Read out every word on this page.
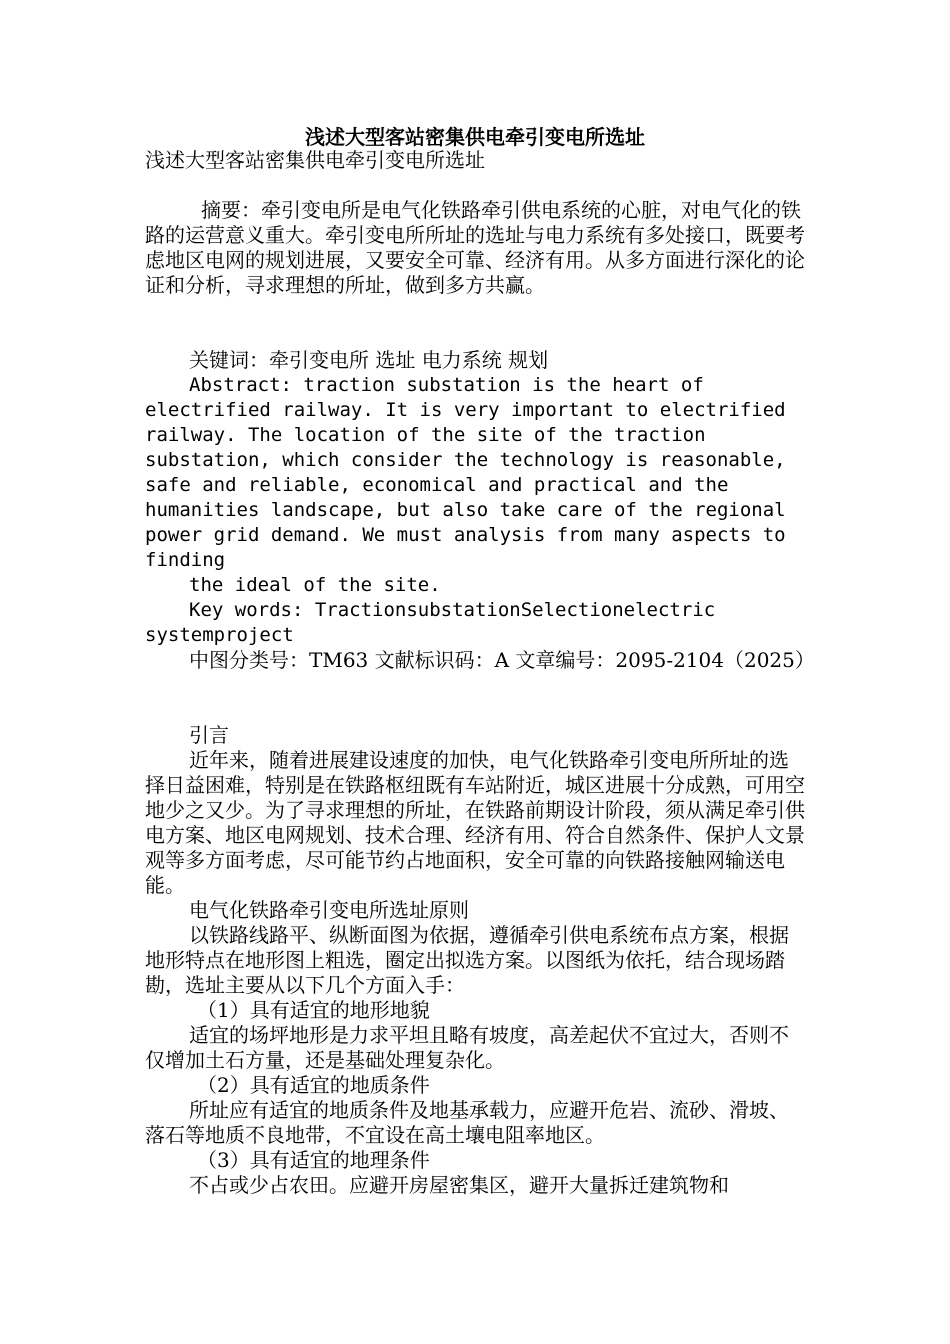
浅述大型客站密集供电牵引变电所选址

浅述大型客站密集供电牵引变电所选址

摘要：牵引变电所是电气化铁路牵引供电系统的心脏，对电气化的铁路的运营意义重大。牵引变电所所址的选址与电力系统有多处接口，既要考虑地区电网的规划进展，又要安全可靠、经济有用。从多方面进行深化的论证和分析，寻求理想的所址，做到多方共赢。

关键词：牵引变电所 选址 电力系统 规划

Abstract: traction substation is the heart of electrified railway. It is very important to electrified railway. The location of the site of the traction substation, which consider the technology is reasonable, safe and reliable, economical and practical and the humanities landscape, but also take care of the regional power grid demand. We must analysis from many aspects to finding

the ideal of the site.

Key words: TractionsubstationSelectionelectric systemproject

中图分类号：TM63 文献标识码：A 文章编号：2095-2104（2025）

引言

近年来，随着进展建设速度的加快，电气化铁路牵引变电所所址的选择日益困难，特别是在铁路枢纽既有车站附近，城区进展十分成熟，可用空地少之又少。为了寻求理想的所址，在铁路前期设计阶段，须从满足牵引供电方案、地区电网规划、技术合理、经济有用、符合自然条件、保护人文景观等多方面考虑，尽可能节约占地面积，安全可靠的向铁路接触网输送电能。

电气化铁路牵引变电所选址原则

以铁路线路平、纵断面图为依据，遵循牵引供电系统布点方案，根据地形特点在地形图上粗选，圈定出拟选方案。以图纸为依托，结合现场踏勘，选址主要从以下几个方面入手：

（1）具有适宜的地形地貌

适宜的场坪地形是力求平坦且略有坡度，高差起伏不宜过大，否则不仅增加土石方量，还是基础处理复杂化。

（2）具有适宜的地质条件

所址应有适宜的地质条件及地基承载力，应避开危岩、流砂、滑坡、落石等地质不良地带，不宜设在高土壤电阻率地区。

（3）具有适宜的地理条件

不占或少占农田。应避开房屋密集区，避开大量拆迁建筑物和
